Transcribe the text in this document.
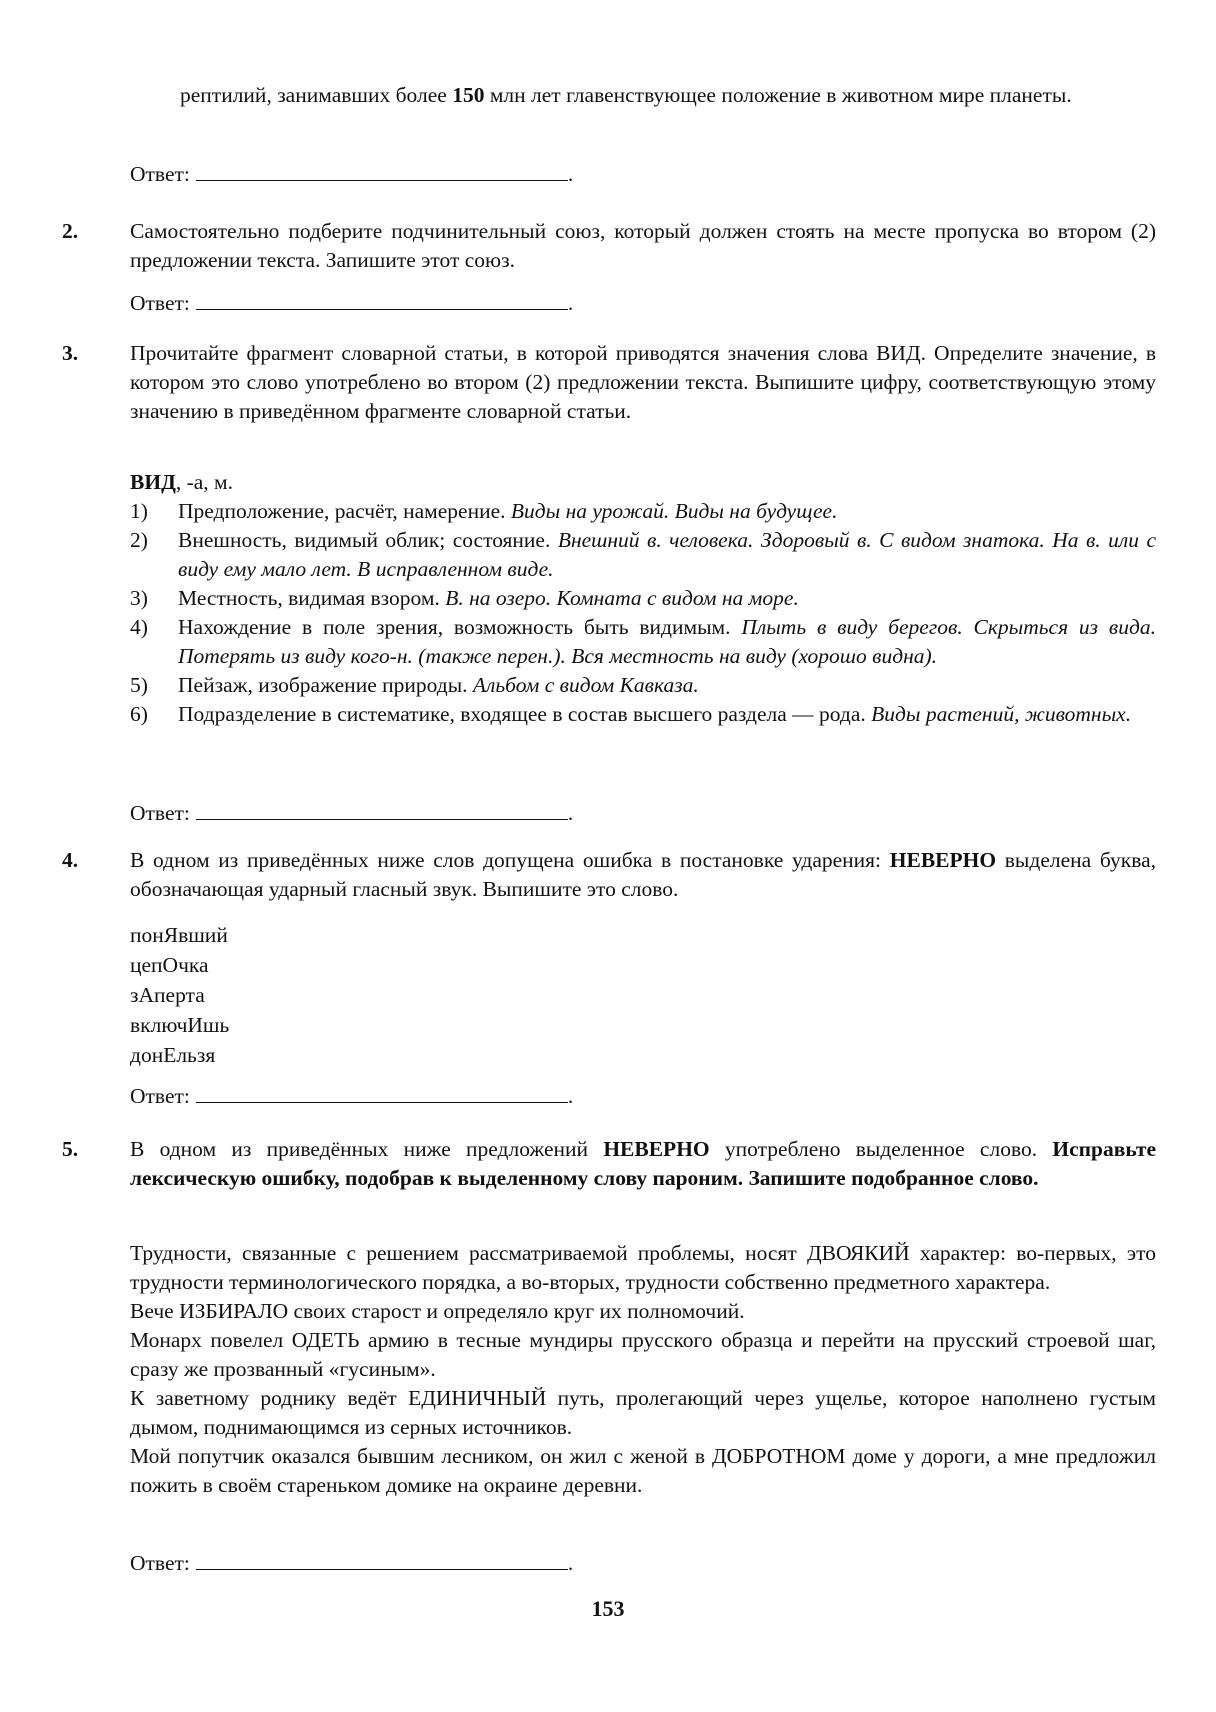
рептилий, занимавших более 150 млн лет главенствующее положение в животном мире планеты.

Ответ:	.
2. Самостоятельно подберите подчинительный союз, который должен стоять на месте пропуска во втором (2) предложении текста. Запишите этот союз.

Ответ:	.
3. Прочитайте фрагмент словарной статьи, в которой приводятся значения слова ВИД. Определите значение, в котором это слово употреблено во втором (2) предложении текста. Выпишите цифру, соответствующую этому значению в приведённом фрагменте словарной статьи.

ВИД, -а, м.
1)	Предположение, расчёт, намерение. Виды на урожай. Виды на будущее.
2)	Внешность, видимый облик; состояние. Внешний в. человека. Здоровый в. С видом знатока. На в. или с виду ему мало лет. В исправленном виде.
3)	Местность, видимая взором. В. на озеро. Комната с видом на море.
4)	Нахождение в поле зрения, возможность быть видимым. Плыть в виду берегов. Скрыться из вида. Потерять из виду кого-н. (также перен.). Вся местность на виду (хорошо видна).
5)	Пейзаж, изображение природы. Альбом с видом Кавказа.
6)	Подразделение в систематике, входящее в состав высшего раздела — рода. Виды растений, животных.
Ответ:	.
4. В одном из приведённых ниже слов допущена ошибка в постановке ударения: НЕВЕРНО выделена буква, обозначающая ударный гласный звук. Выпишите это слово.

понЯвший
цепОчка
зАперта
включИшь
донЕльзя
Ответ:	.
5. В одном из приведённых ниже предложений НЕВЕРНО употреблено выделенное слово. Исправьте лексическую ошибку, подобрав к выделенному слову пароним. Запишите подобранное слово.

Трудности, связанные с решением рассматриваемой проблемы, носят ДВОЯКИЙ характер: во-первых, это трудности терминологического порядка, а во-вторых, трудности собственно предметного характера.

Вече ИЗБИРАЛО своих старост и определяло круг их полномочий.

Монарх повелел ОДЕТЬ армию в тесные мундиры прусского образца и перейти на прусский строевой шаг, сразу же прозванный «гусиным».

К заветному роднику ведёт ЕДИНИЧНЫЙ путь, пролегающий через ущелье, которое наполнено густым дымом, поднимающимся из серных источников.

Мой попутчик оказался бывшим лесником, он жил с женой в ДОБРОТНОМ доме у дороги, а мне предложил пожить в своём стареньком домике на окраине деревни.

Ответ:	.
153
